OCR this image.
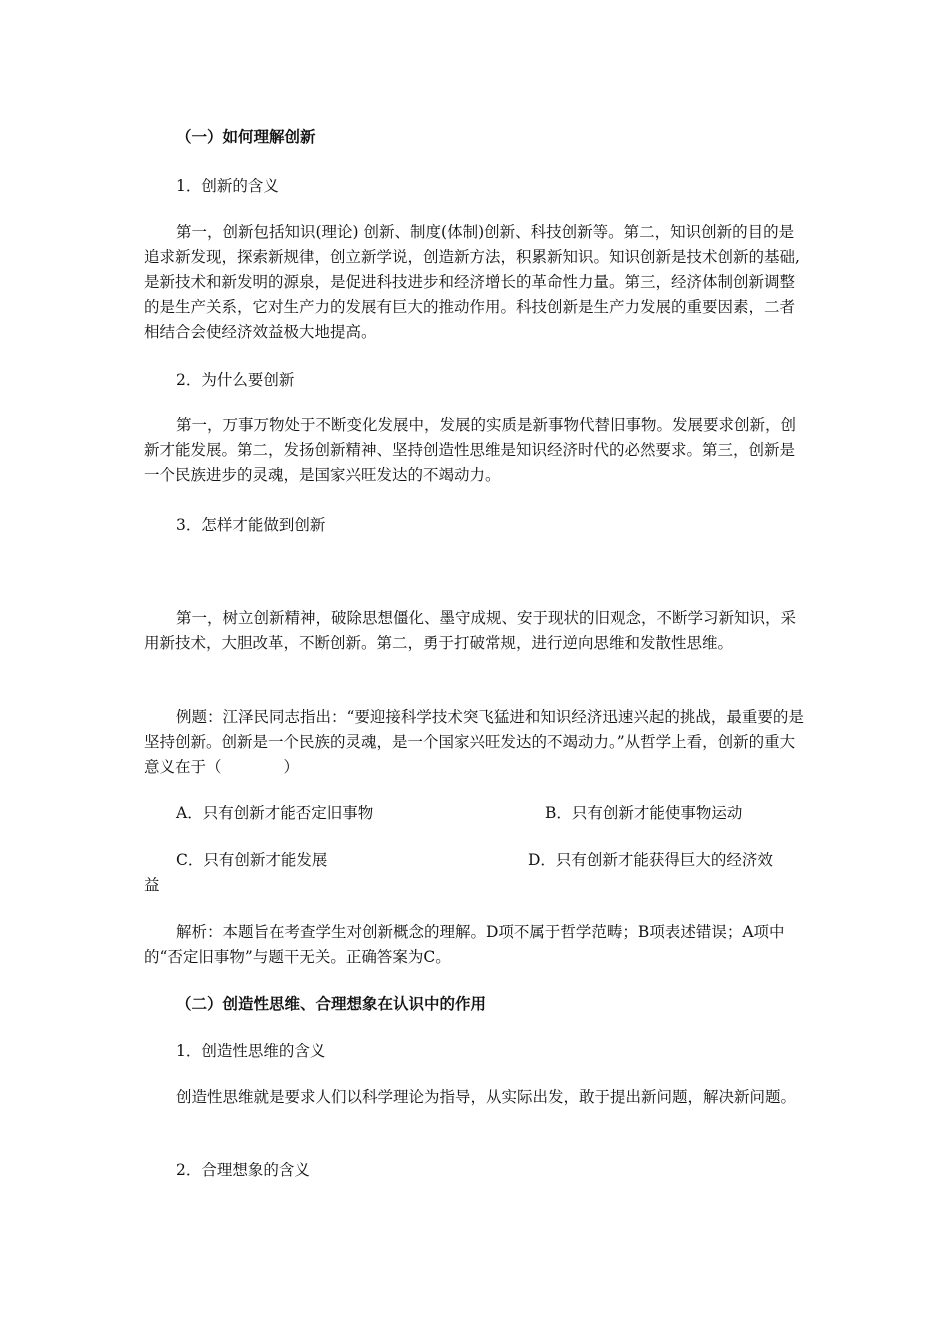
（一）如何理解创新
1．创新的含义
第一，创新包括知识(理论) 创新、制度(体制)创新、科技创新等。第二，知识创新的目的是追求新发现，探索新规律，创立新学说，创造新方法，积累新知识。知识创新是技术创新的基础,是新技术和新发明的源泉，是促进科技进步和经济增长的革命性力量。第三，经济体制创新调整的是生产关系，它对生产力的发展有巨大的推动作用。科技创新是生产力发展的重要因素，二者相结合会使经济效益极大地提高。
2．为什么要创新
第一，万事万物处于不断变化发展中，发展的实质是新事物代替旧事物。发展要求创新，创新才能发展。第二，发扬创新精神、坚持创造性思维是知识经济时代的必然要求。第三，创新是一个民族进步的灵魂，是国家兴旺发达的不竭动力。
3．怎样才能做到创新
第一，树立创新精神，破除思想僵化、墨守成规、安于现状的旧观念，不断学习新知识，采用新技术，大胆改革，不断创新。第二，勇于打破常规，进行逆向思维和发散性思维。
例题：江泽民同志指出：“要迎接科学技术突飞猛进和知识经济迅速兴起的挑战，最重要的是坚持创新。创新是一个民族的灵魂，是一个国家兴旺发达的不竭动力。”从哲学上看，创新的重大意义在于（　　　　）
A．只有创新才能否定旧事物	B．只有创新才能使事物运动
C．只有创新才能发展	D．只有创新才能获得巨大的经济效
益
解析：本题旨在考查学生对创新概念的理解。D项不属于哲学范畴；B项表述错误；A项中的“否定旧事物”与题干无关。正确答案为C。
（二）创造性思维、合理想象在认识中的作用
1．创造性思维的含义
创造性思维就是要求人们以科学理论为指导，从实际出发，敢于提出新问题，解决新问题。
2．合理想象的含义
